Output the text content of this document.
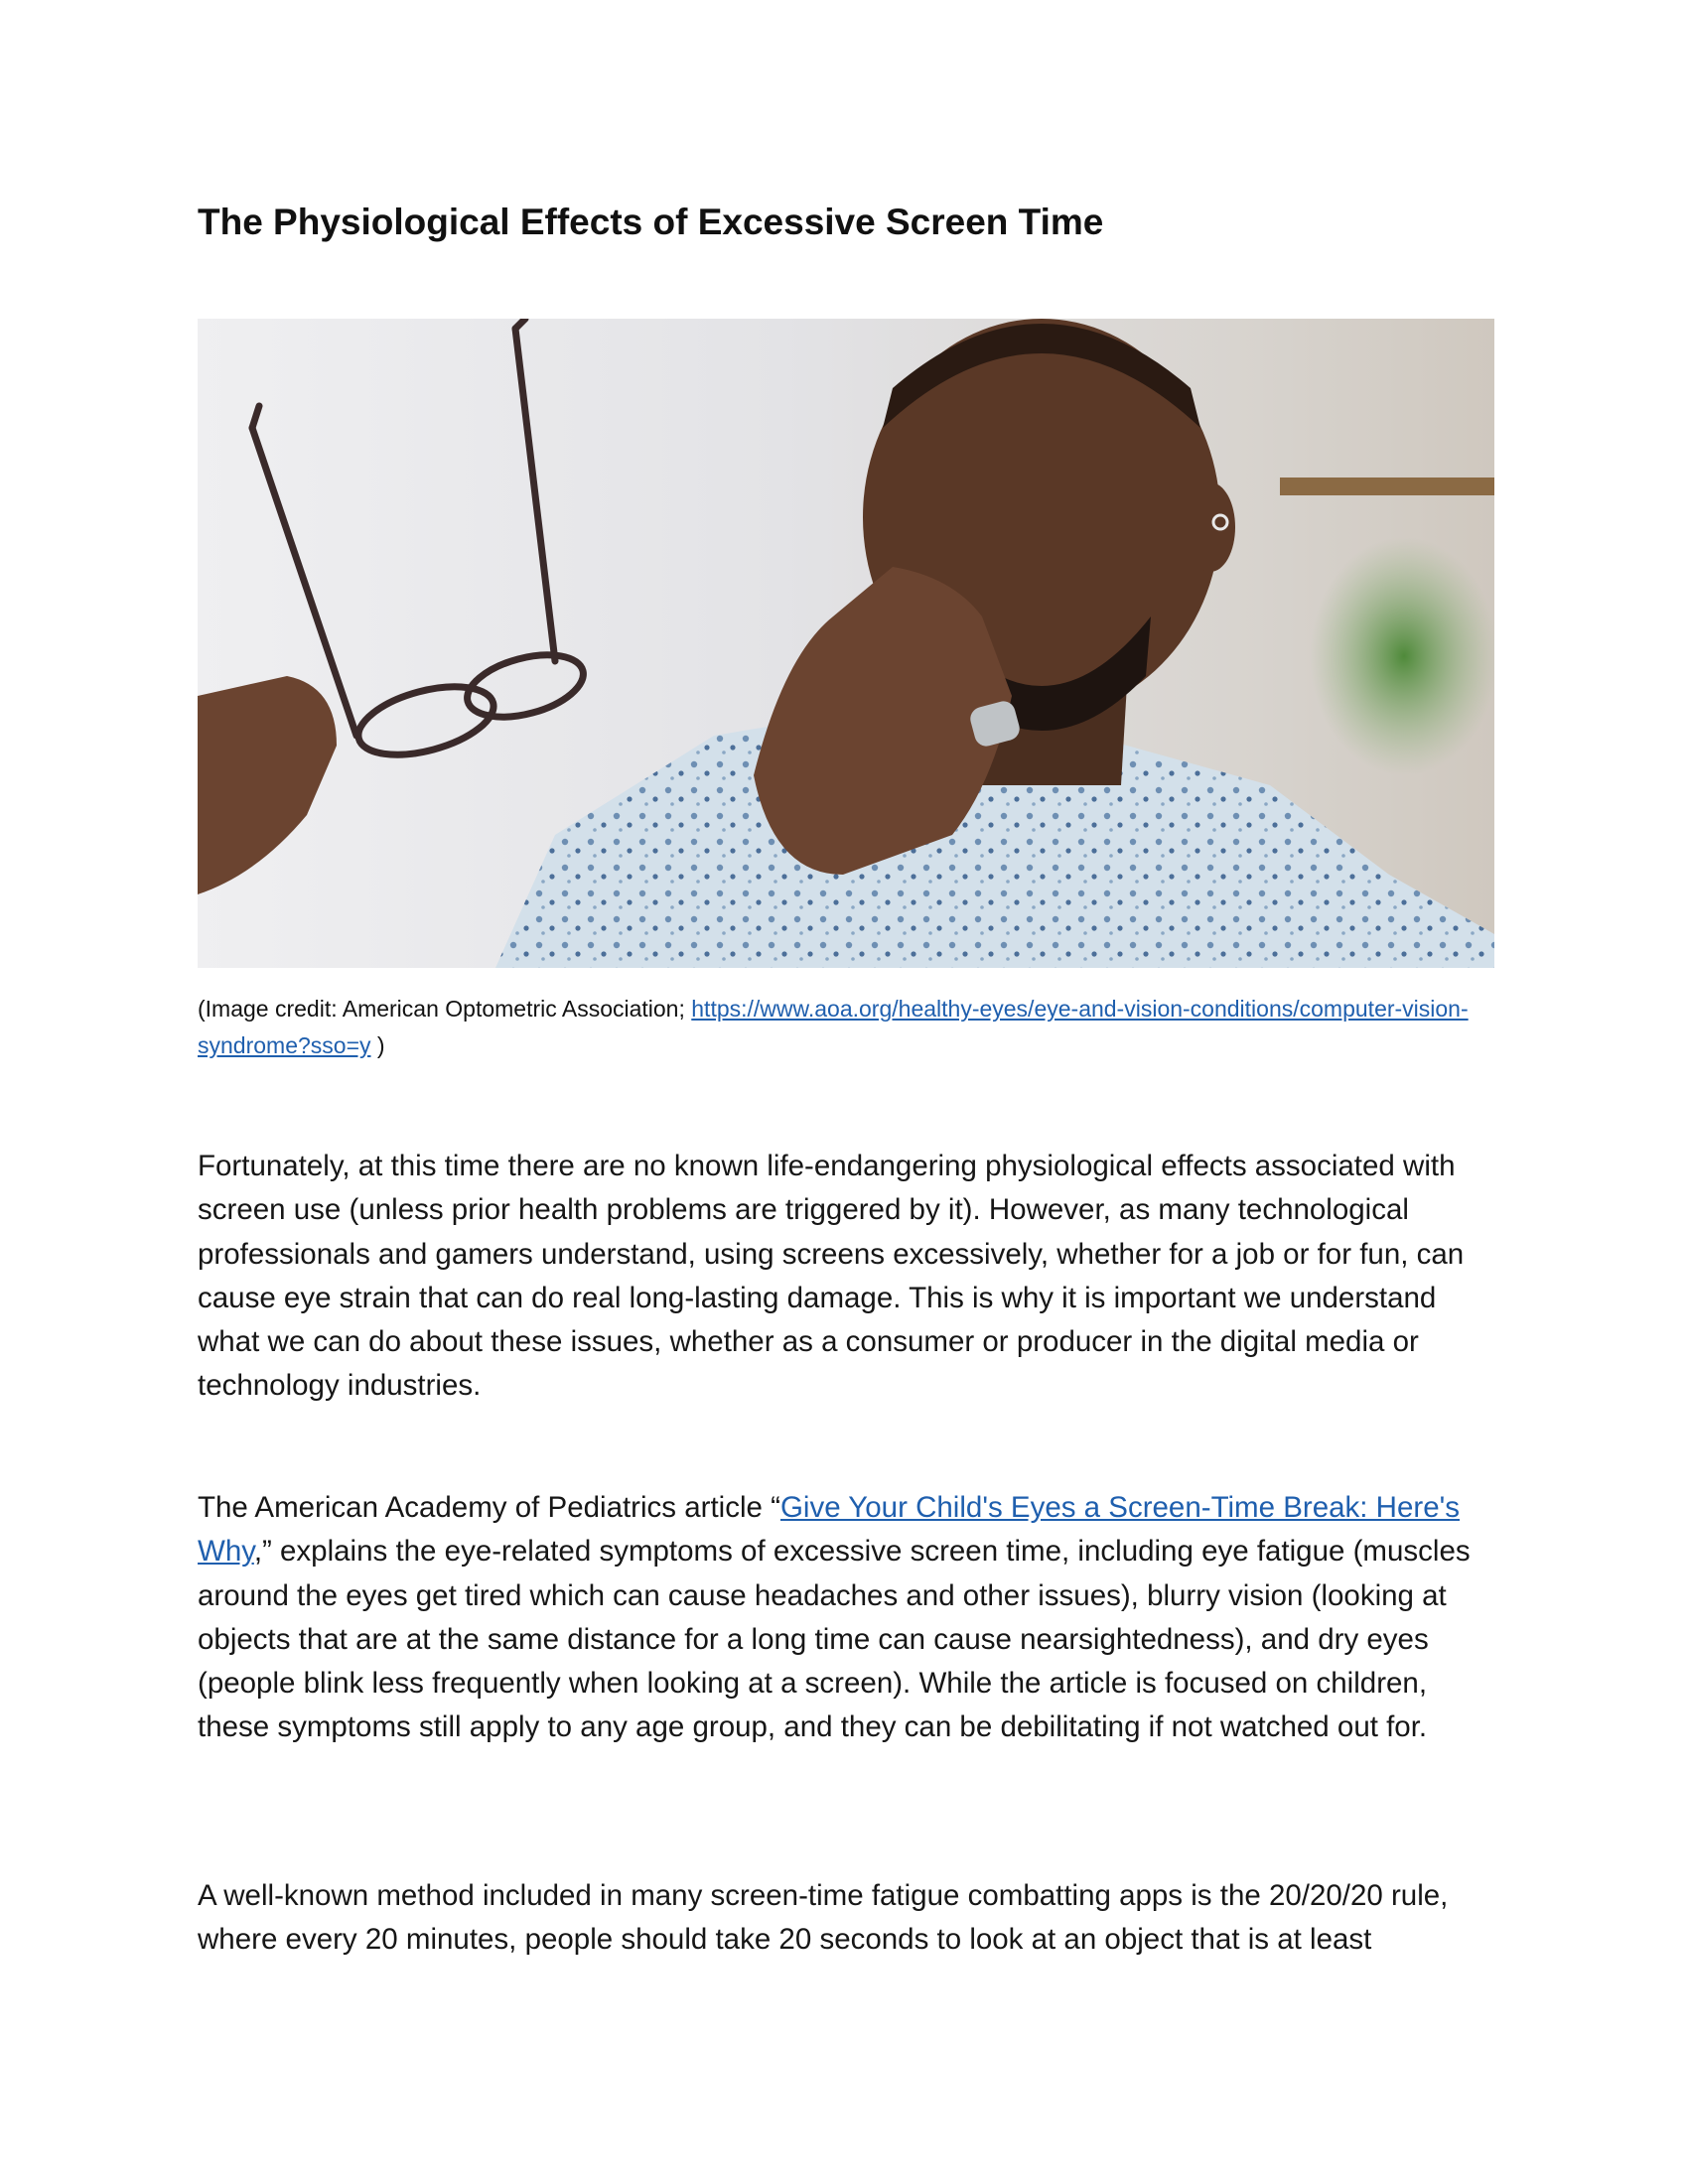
The Physiological Effects of Excessive Screen Time

(Image credit: American Optometric Association; https://www.aoa.org/healthy-eyes/eye-and-vision-conditions/computer-vision-syndrome?sso=y )

Fortunately, at this time there are no known life-endangering physiological effects associated with screen use (unless prior health problems are triggered by it). However, as many technological professionals and gamers understand, using screens excessively, whether for a job or for fun, can cause eye strain that can do real long-lasting damage. This is why it is important we understand what we can do about these issues, whether as a consumer or producer in the digital media or technology industries.

The American Academy of Pediatrics article “Give Your Child's Eyes a Screen-Time Break: Here's Why,” explains the eye-related symptoms of excessive screen time, including eye fatigue (muscles around the eyes get tired which can cause headaches and other issues), blurry vision (looking at objects that are at the same distance for a long time can cause nearsightedness), and dry eyes (people blink less frequently when looking at a screen). While the article is focused on children, these symptoms still apply to any age group, and they can be debilitating if not watched out for.

A well-known method included in many screen-time fatigue combatting apps is the 20/20/20 rule, where every 20 minutes, people should take 20 seconds to look at an object that is at least
